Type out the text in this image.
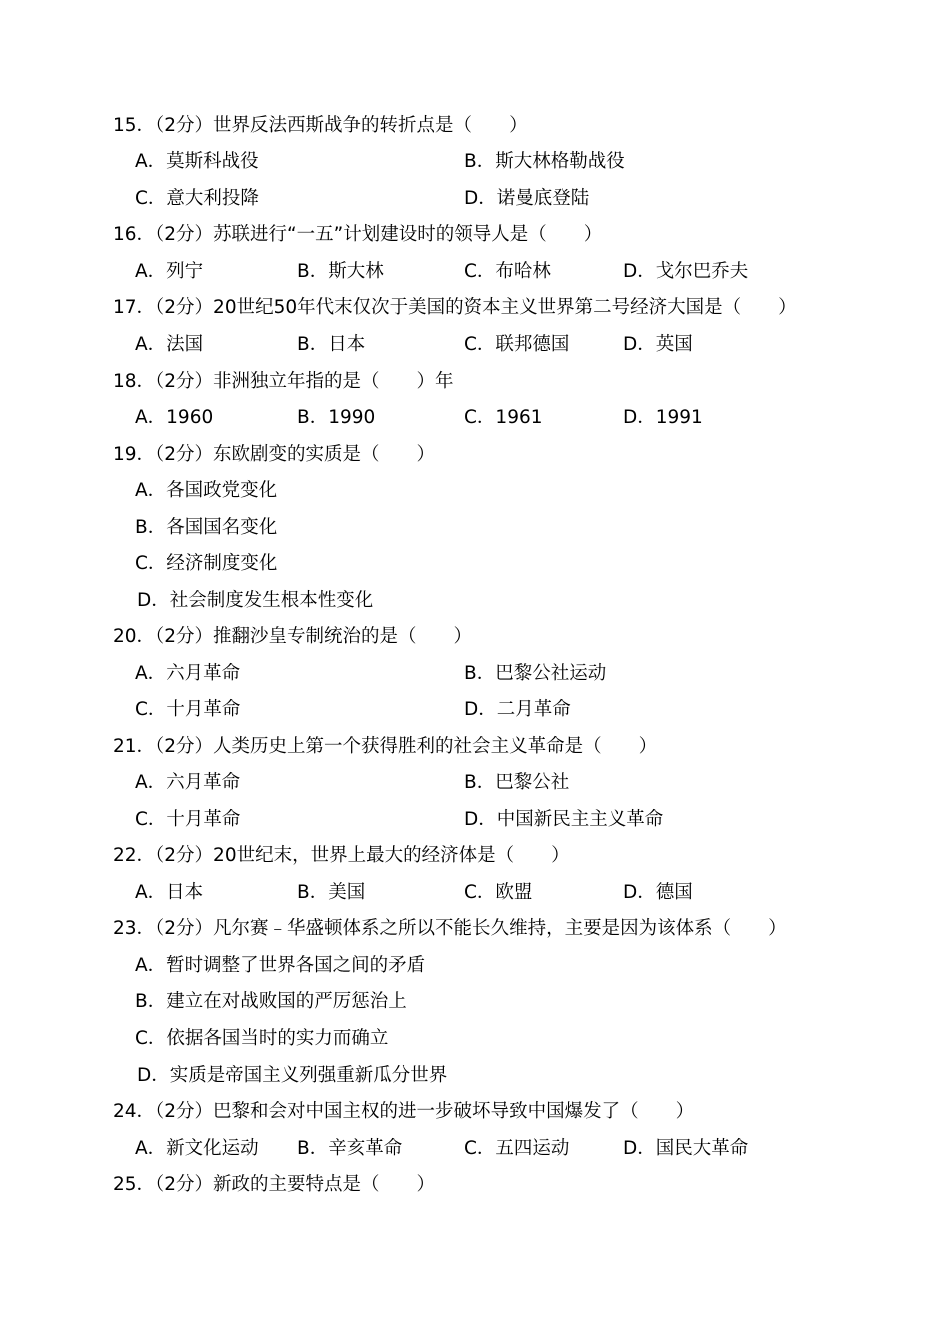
15．（2分）世界反法西斯战争的转折点是（　　）
A．莫斯科战役	B．斯大林格勒战役
C．意大利投降	D．诺曼底登陆
16．（2分）苏联进行“一五”计划建设时的领导人是（　　）
A．列宁	B．斯大林	C．布哈林	D．戈尔巴乔夫
17．（2分）20世纪50年代末仅次于美国的资本主义世界第二号经济大国是（　　）
A．法国	B．日本	C．联邦德国	D．英国
18．（2分）非洲独立年指的是（　　）年
A．1960	B．1990	C．1961	D．1991
19．（2分）东欧剧变的实质是（　　）
A．各国政党变化
B．各国国名变化
C．经济制度变化
D．社会制度发生根本性变化
20．（2分）推翻沙皇专制统治的是（　　）
A．六月革命	B．巴黎公社运动
C．十月革命	D．二月革命
21．（2分）人类历史上第一个获得胜利的社会主义革命是（　　）
A．六月革命	B．巴黎公社
C．十月革命	D．中国新民主主义革命
22．（2分）20世纪末，世界上最大的经济体是（　　）
A．日本	B．美国	C．欧盟	D．德国
23．（2分）凡尔赛﹣华盛顿体系之所以不能长久维持，主要是因为该体系（　　）
A．暂时调整了世界各国之间的矛盾
B．建立在对战败国的严厉惩治上
C．依据各国当时的实力而确立
D．实质是帝国主义列强重新瓜分世界
24．（2分）巴黎和会对中国主权的进一步破坏导致中国爆发了（　　）
A．新文化运动 B．辛亥革命	C．五四运动	D．国民大革命
25．（2分）新政的主要特点是（　　）
